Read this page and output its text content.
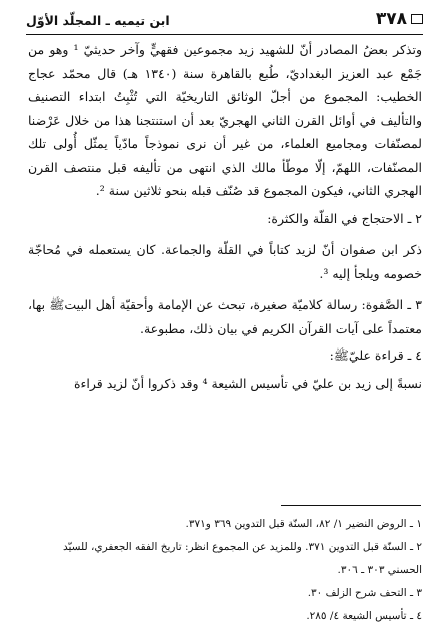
٣٧٨
ابن تيميه ـ المجلّد الأوّل

وتذكر بعضُ المصادر أنّ للشهيد زيد مجموعين فقهيٍّ وآخر حديثيّ ¹ وهو من جَمْع عبد العزيز البغداديّ، طُبع بالقاهرة سنة (١٣٤٠ هـ) قال محمّد عجاج الخطيب: المجموع من أجلّ الوثائق التاريخيّة التي تُثْبِتُ ابتداء التصنيف والتأليف في أوائل القرن الثاني الهجريّ بعد أن استنتجنا هذا من خلال عَرْضنا لمصنّفات ومجاميع العلماء، من غير أن نرى نموذجاً مادّياً يمثّل أُولى تلك المصنّفات، اللهمّ، إلّا موطّأ مالك الذي انتهى من تأليفه قبل منتصف القرن الهجري الثاني، فيكون المجموع قد صُنّف قبله بنحو ثلاثين سنة ².

٢ ـ الاحتجاج في القلّة والكثرة:

ذكر ابن صفوان أنّ لزيد كتاباً في القلّة والجماعة. كان يستعمله في مُحاجّة خصومه ويلجأ إليه ³.

٣ ـ الصَّفوة: رسالة كلاميّة صغيرة، تبحث عن الإمامة وأحقيّة أهل البيتﷺ بها، معتمداً على آيات القرآن الكريم في بيان ذلك، مطبوعة.

٤ ـ قراءة عليّﷺ:

نسبةً إلى زيد بن عليّ في تأسيس الشيعة ⁴ وقد ذكروا أنّ لزيد قراءة

١ ـ الروض النضير ١/ ٨٢، السنّة قبل التدوين ٣٦٩ و٣٧١.

٢ ـ السنّة قبل التدوين ٣٧١. وللمزيد عن المجموع انظر: تاريخ الفقه الجعفري، للسيّد الحسني ٣٠٣ ـ ٣٠٦.

٣ ـ التحف شرح الزلف ٣٠.

٤ ـ تأسيس الشيعة ٤/ ٢٨٥.
